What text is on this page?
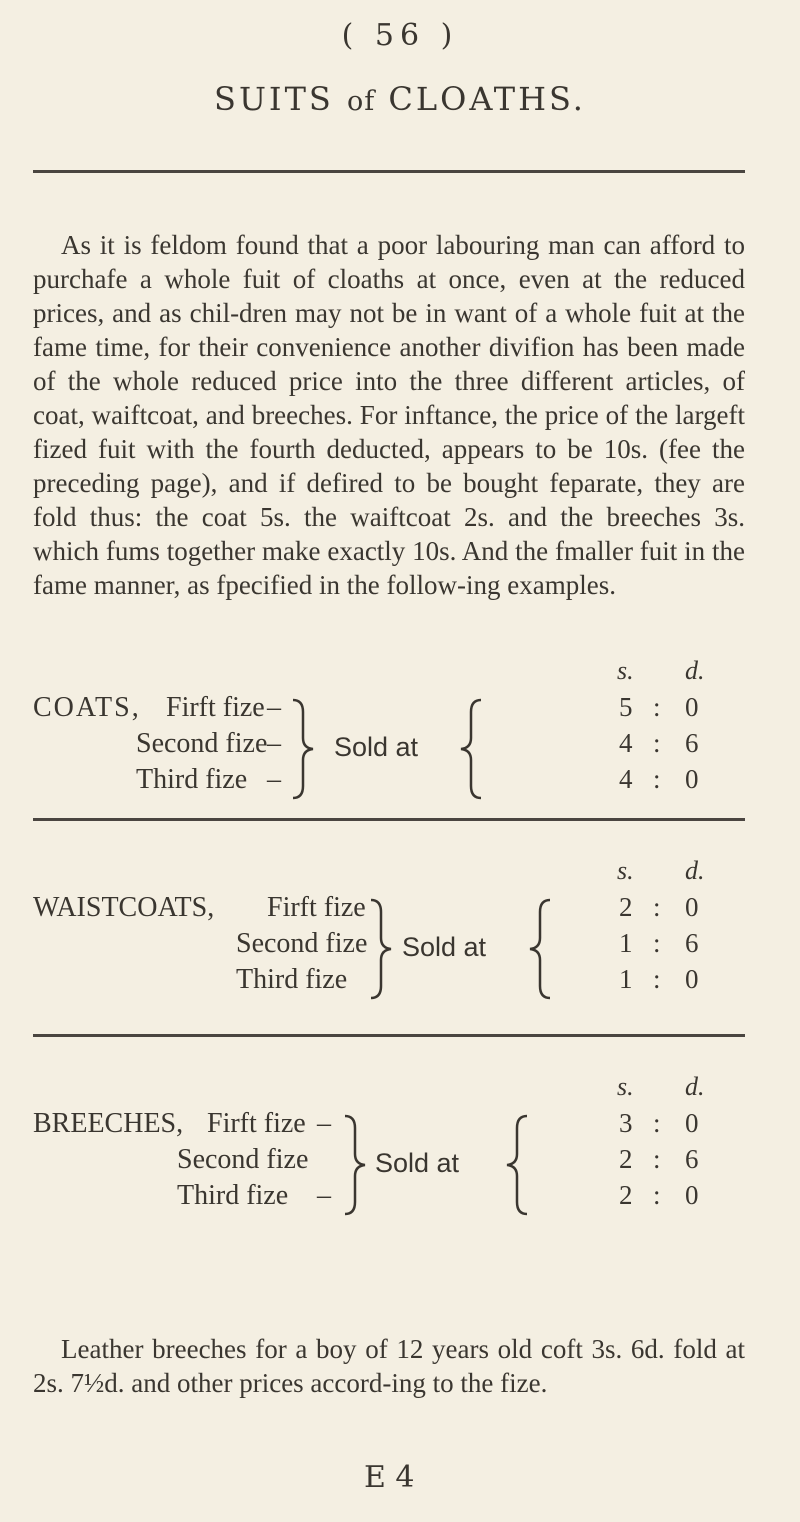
( 56 )
SUITS of CLOATHS.

As it is feldom found that a poor labouring man can afford to purchafe a whole fuit of cloaths at once, even at the reduced prices, and as chil-dren may not be in want of a whole fuit at the fame time, for their convenience another divifion has been made of the whole reduced price into the three different articles, of coat, waiftcoat, and breeches. For inftance, the price of the largeft fized fuit with the fourth deducted, appears to be 10s. (fee the preceding page), and if defired to be bought feparate, they are fold thus: the coat 5s. the waiftcoat 2s. and the breeches 3s. which fums together make exactly 10s. And the fmaller fuit in the fame manner, as fpecified in the follow-ing examples.

s. d.
COATS, Firft fize –
Second fize –
Third fize –
Sold at
5 : 0
4 : 6
4 : 0
s. d.
WAISTCOATS, Firft fize
Second fize
Third fize
Sold at
2 : 0
1 : 6
1 : 0
s. d.
BREECHES, Firft fize –
Second fize
Third fize –
Sold at
3 : 0
2 : 6
2 : 0

Leather breeches for a boy of 12 years old coft 3s. 6d. fold at 2s. 7½d. and other prices accord-ing to the fize.

E 4
